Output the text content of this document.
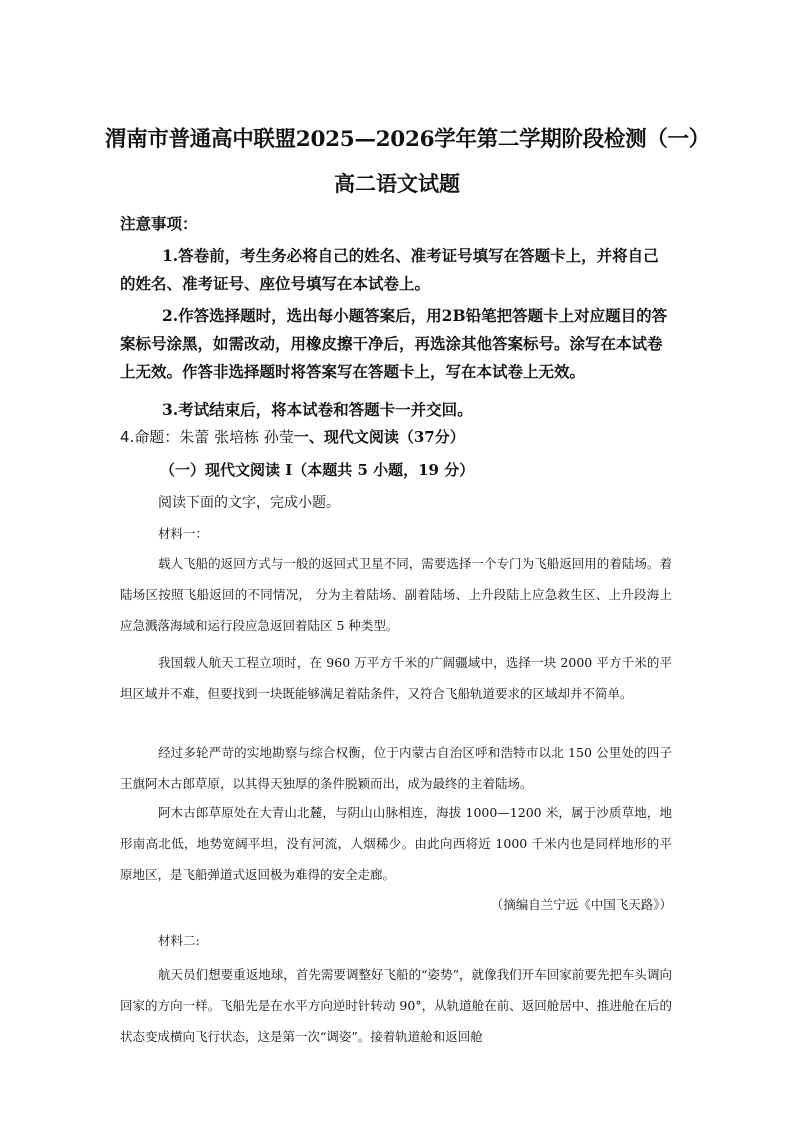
渭南市普通高中联盟2025—2026学年第二学期阶段检测（一）
高二语文试题
注意事项：

1.答卷前，考生务必将自己的姓名、准考证号填写在答题卡上，并将自己的姓名、准考证号、座位号填写在本试卷上。

2.作答选择题时，选出每小题答案后，用2B铅笔把答题卡上对应题目的答案标号涂黑，如需改动，用橡皮擦干净后，再选涂其他答案标号。涂写在本试卷上无效。作答非选择题时将答案写在答题卡上，写在本试卷上无效。

3.考试结束后，将本试卷和答题卡一并交回。

4.命题：朱蕾 张培栋 孙莹一、现代文阅读（37分）
（一）现代文阅读 I（本题共 5 小题，19 分）
阅读下面的文字，完成小题。
材料一：

载人飞船的返回方式与一般的返回式卫星不同，需要选择一个专门为飞船返回用的着陆场。着陆场区按照飞船返回的不同情况， 分为主着陆场、副着陆场、上升段陆上应急救生区、上升段海上应急溅落海域和运行段应急返回着陆区 5 种类型。

我国载人航天工程立项时，在 960 万平方千米的广阔疆域中，选择一块 2000 平方千米的平坦区域并不难，但要找到一块既能够满足着陆条件，又符合飞船轨道要求的区域却并不简单。

经过多轮严苛的实地勘察与综合权衡，位于内蒙古自治区呼和浩特市以北 150 公里处的四子王旗阿木古郎草原，以其得天独厚的条件脱颖而出，成为最终的主着陆场。

阿木古郎草原处在大青山北麓，与阴山山脉相连，海拔 1000—1200 米，属于沙质草地，地形南高北低，地势宽阔平坦，没有河流，人烟稀少。由此向西将近 1000 千米内也是同样地形的平原地区，是飞船弹道式返回极为难得的安全走廊。

（摘编自兰宁远《中国飞天路》）
材料二:

航天员们想要重返地球，首先需要调整好飞船的“姿势”，就像我们开车回家前要先把车头调向回家的方向一样。飞船先是在水平方向逆时针转动 90°，从轨道舱在前、返回舱居中、推进舱在后的状态变成横向飞行状态，这是第一次“调姿”。接着轨道舱和返回舱
